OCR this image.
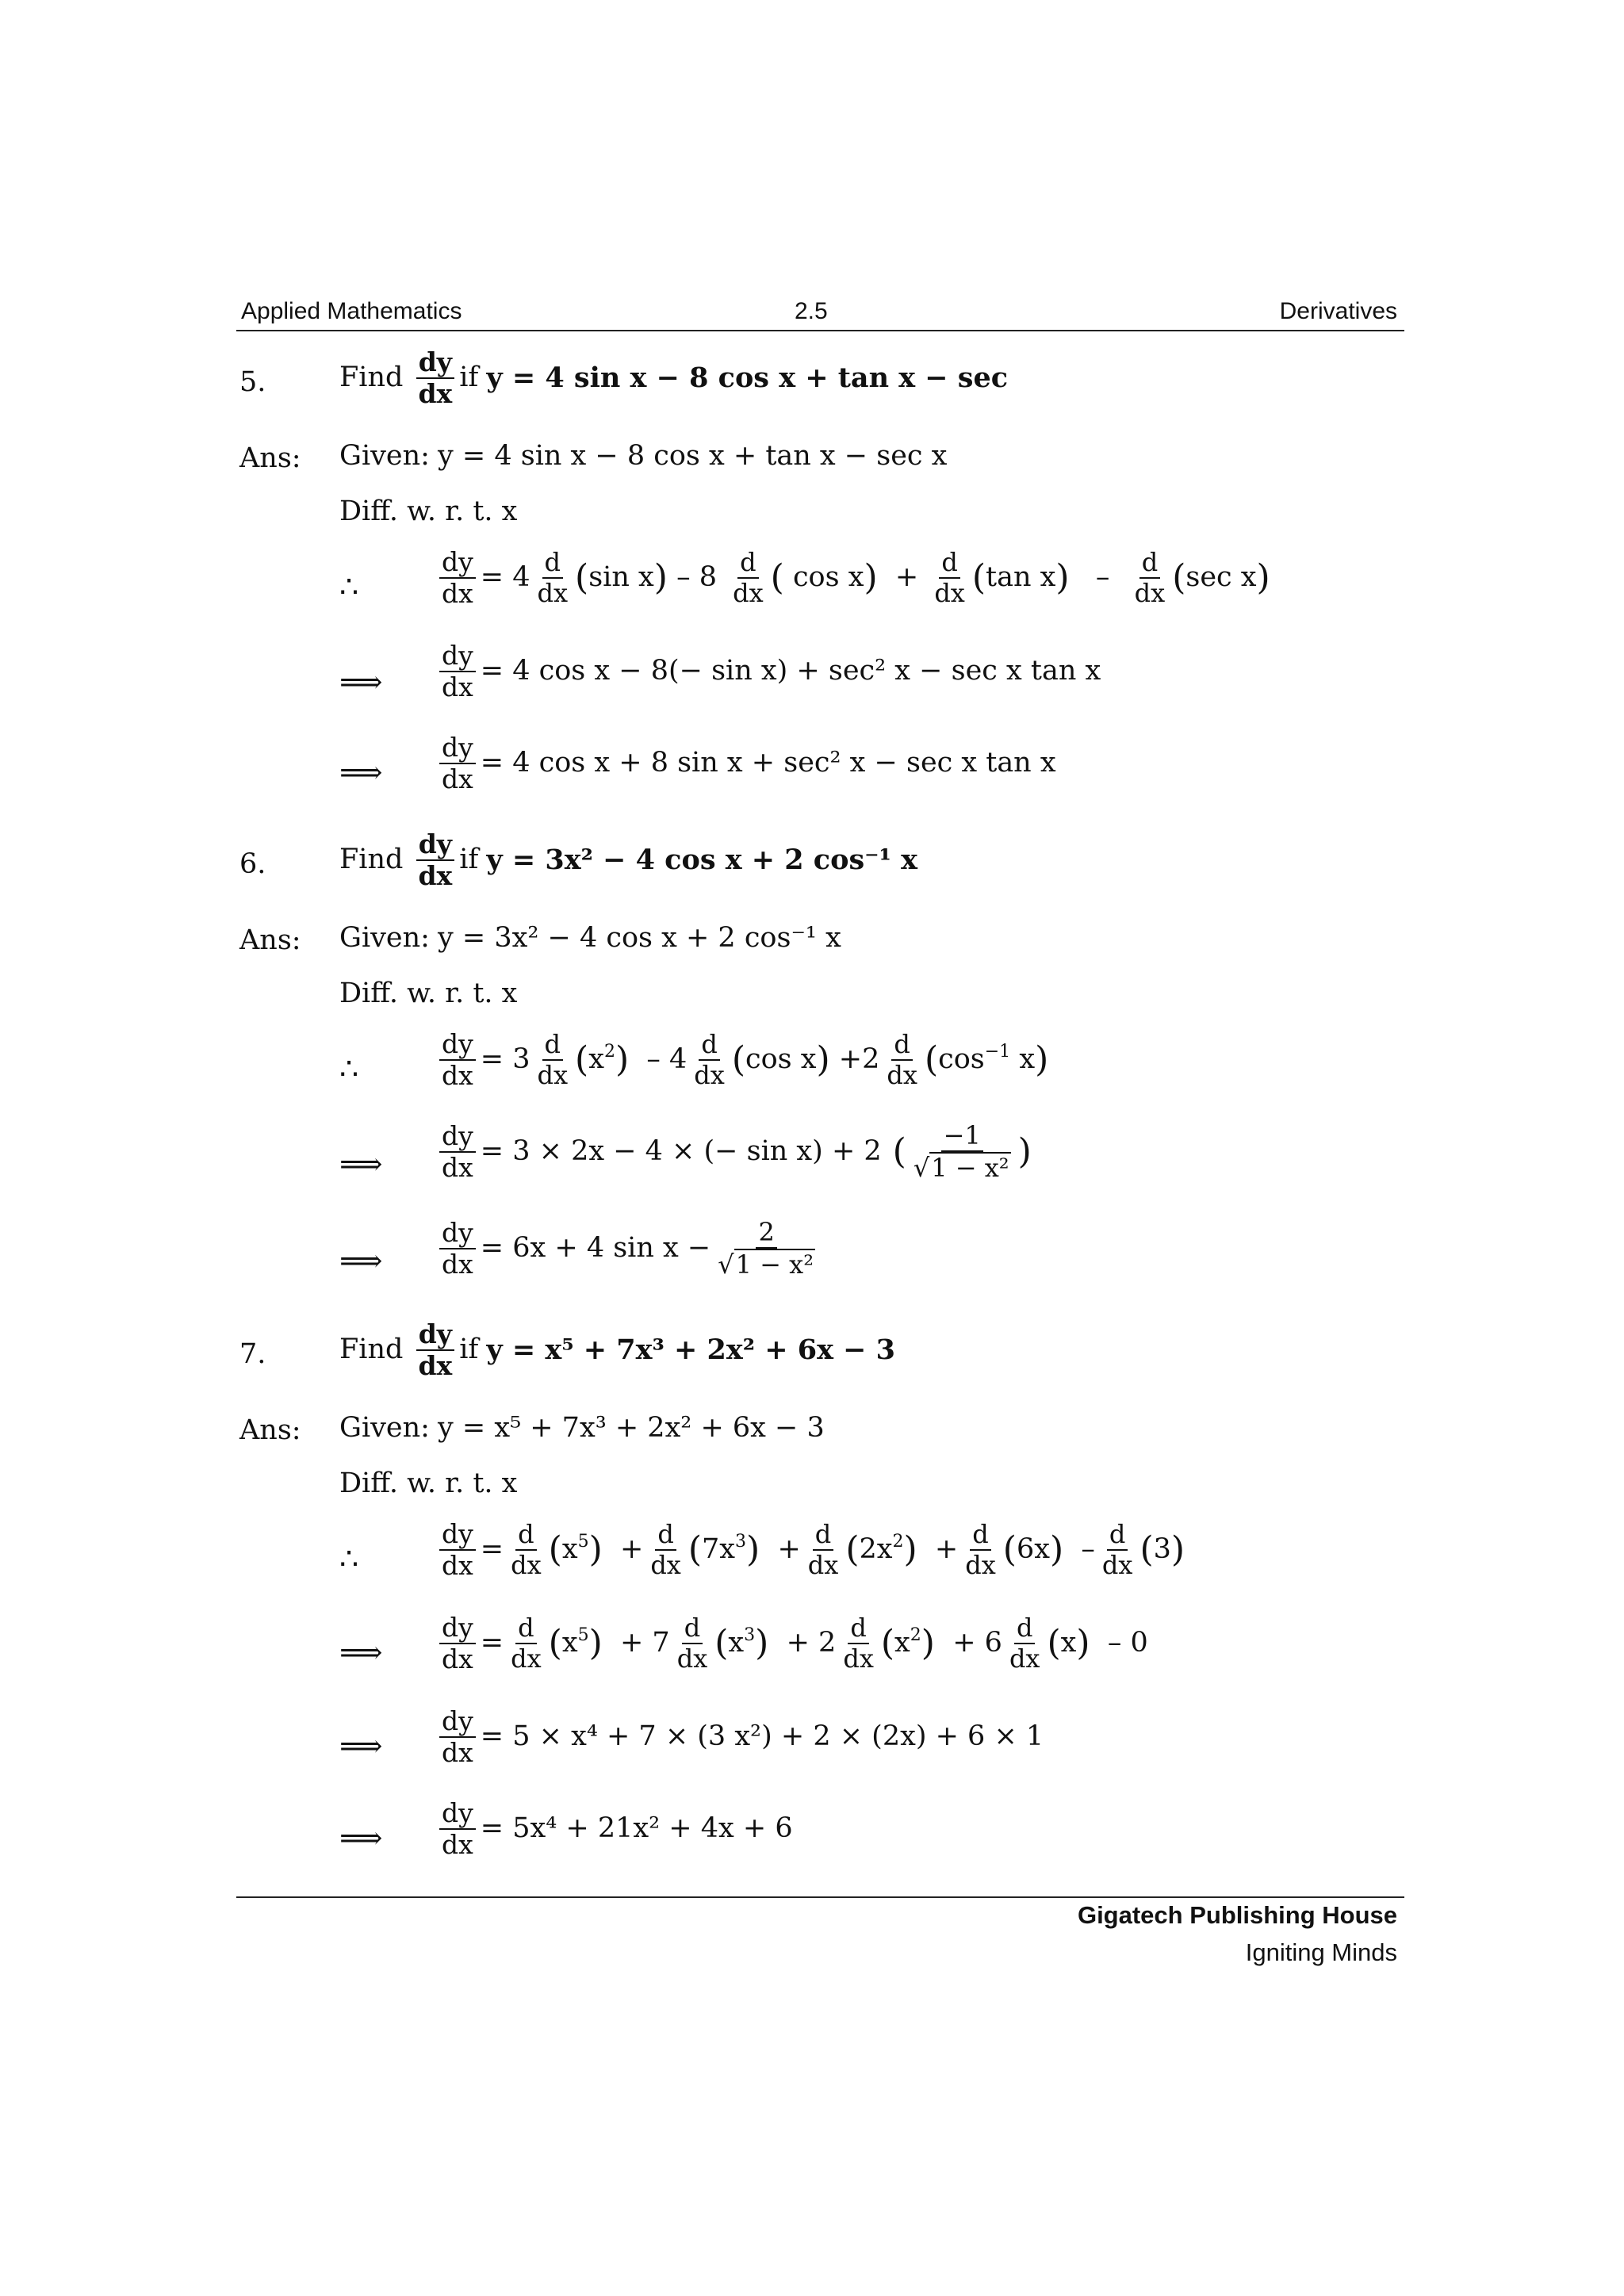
Applied Mathematics	2.5	Derivatives
5.	Find $\frac{dy}{dx}$ if y = 4 sin x − 8 cos x + tan x − sec
Ans: Given: y = 4 sin x − 8 cos x + tan x − sec x
Diff. w. r. t. x
∴	$\frac{dy}{dx} = 4 \frac{d}{dx}$ ( sin x ) – $8 \frac{d}{dx}$ ( cos x ) + $\frac{d}{dx}$ ( tan x ) – $\frac{d}{dx}$ ( sec x )
⟹ $\frac{dy}{dx} = 4$ cos x − 8(− sin x) + sec² x − sec x tan x
⟹ $\frac{dy}{dx} = 4$ cos x + 8 sin x + sec² x − sec x tan x
6.	Find $\frac{dy}{dx}$ if y = 3x² − 4 cos x + 2 cos⁻¹ x
Ans: Given: y = 3x² − 4 cos x + 2 cos⁻¹ x
Diff. w. r. t. x
∴	$\frac{dy}{dx} = 3 \frac{d}{dx}$ ( $x^2$ ) – $4 \frac{d}{dx}$ ( cos x ) $+2 \frac{d}{dx}$ ( $\cos^{-1} x$ )
⟹ $\frac{dy}{dx} = 3 \times 2x - 4$ × (− sin x) + 2 ( $\frac{-1}{\text{√1 − x²}}$ )
⟹ $\frac{dy}{dx} = 6x + 4$ $\sin x - \frac{2}{\text{√1 − x²}}$
7.	Find $\frac{dy}{dx}$ if y = x⁵ + 7x³ + 2x² + 6x − 3
Ans: Given: y = x⁵ + 7x³ + 2x² + 6x − 3
Diff. w. r. t. x
∴	$\frac{dy}{dx} = \frac{d}{dx}$ ( $x^5$ ) + $\frac{d}{dx}$ ( $7x^3$ ) + $\frac{d}{dx}$ ( $2x^2$ ) + $\frac{d}{dx}$ ( 6x ) – $\frac{d}{dx}$ ( 3 )
⟹ $\frac{dy}{dx} = \frac{d}{dx}$ ( $x^5$ ) + $7 \frac{d}{dx}$ ( $x^3$ ) + $2 \frac{d}{dx}$ ( $x^2$ ) + $6 \frac{d}{dx}$ ( x ) – 0
⟹ $\frac{dy}{dx} = 5 \times x^4 + 7 \times (3$ x²) + 2 × (2x) + 6 × 1
⟹ $\frac{dy}{dx} = 5x^4 + 21x^2 + 4x + 6$
Gigatech Publishing House
Igniting Minds
